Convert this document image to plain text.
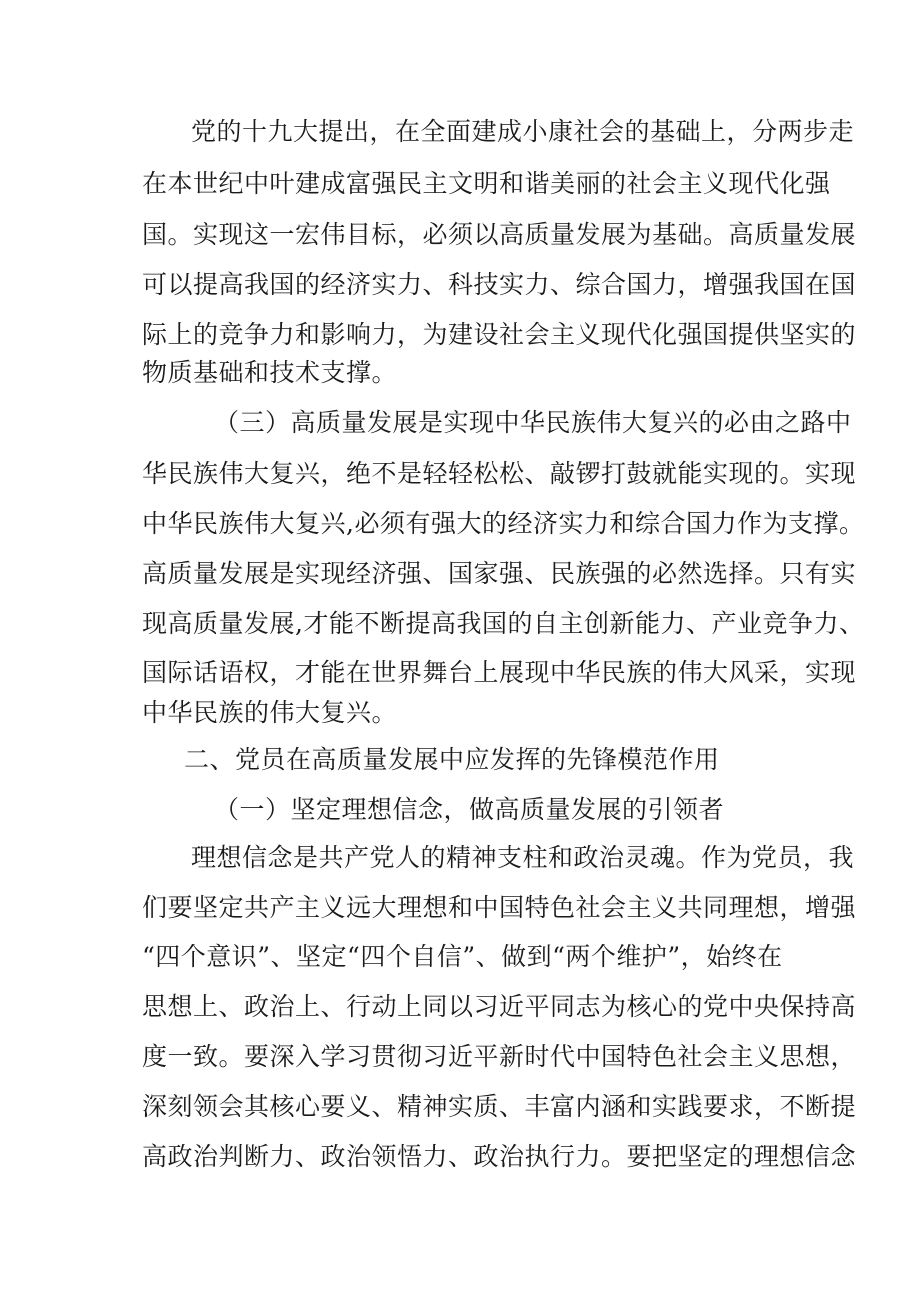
党的十九大提出，在全面建成小康社会的基础上，分两步走
在本世纪中叶建成富强民主文明和谐美丽的社会主义现代化强
国。实现这一宏伟目标，必须以高质量发展为基础。高质量发展
可以提高我国的经济实力、科技实力、综合国力，增强我国在国
际上的竞争力和影响力，为建设社会主义现代化强国提供坚实的
物质基础和技术支撑。
（三）高质量发展是实现中华民族伟大复兴的必由之路中
华民族伟大复兴，绝不是轻轻松松、敲锣打鼓就能实现的。实现
中华民族伟大复兴,必须有强大的经济实力和综合国力作为支撑。
高质量发展是实现经济强、国家强、民族强的必然选择。只有实
现高质量发展,才能不断提高我国的自主创新能力、产业竞争力、
国际话语权，才能在世界舞台上展现中华民族的伟大风采，实现
中华民族的伟大复兴。
二、党员在高质量发展中应发挥的先锋模范作用
（一）坚定理想信念，做高质量发展的引领者
理想信念是共产党人的精神支柱和政治灵魂。作为党员，我
们要坚定共产主义远大理想和中国特色社会主义共同理想，增强
“四个意识”、坚定“四个自信”、做到“两个维护”，始终在
思想上、政治上、行动上同以习近平同志为核心的党中央保持高
度一致。要深入学习贯彻习近平新时代中国特色社会主义思想，
深刻领会其核心要义、精神实质、丰富内涵和实践要求，不断提
高政治判断力、政治领悟力、政治执行力。要把坚定的理想信念
